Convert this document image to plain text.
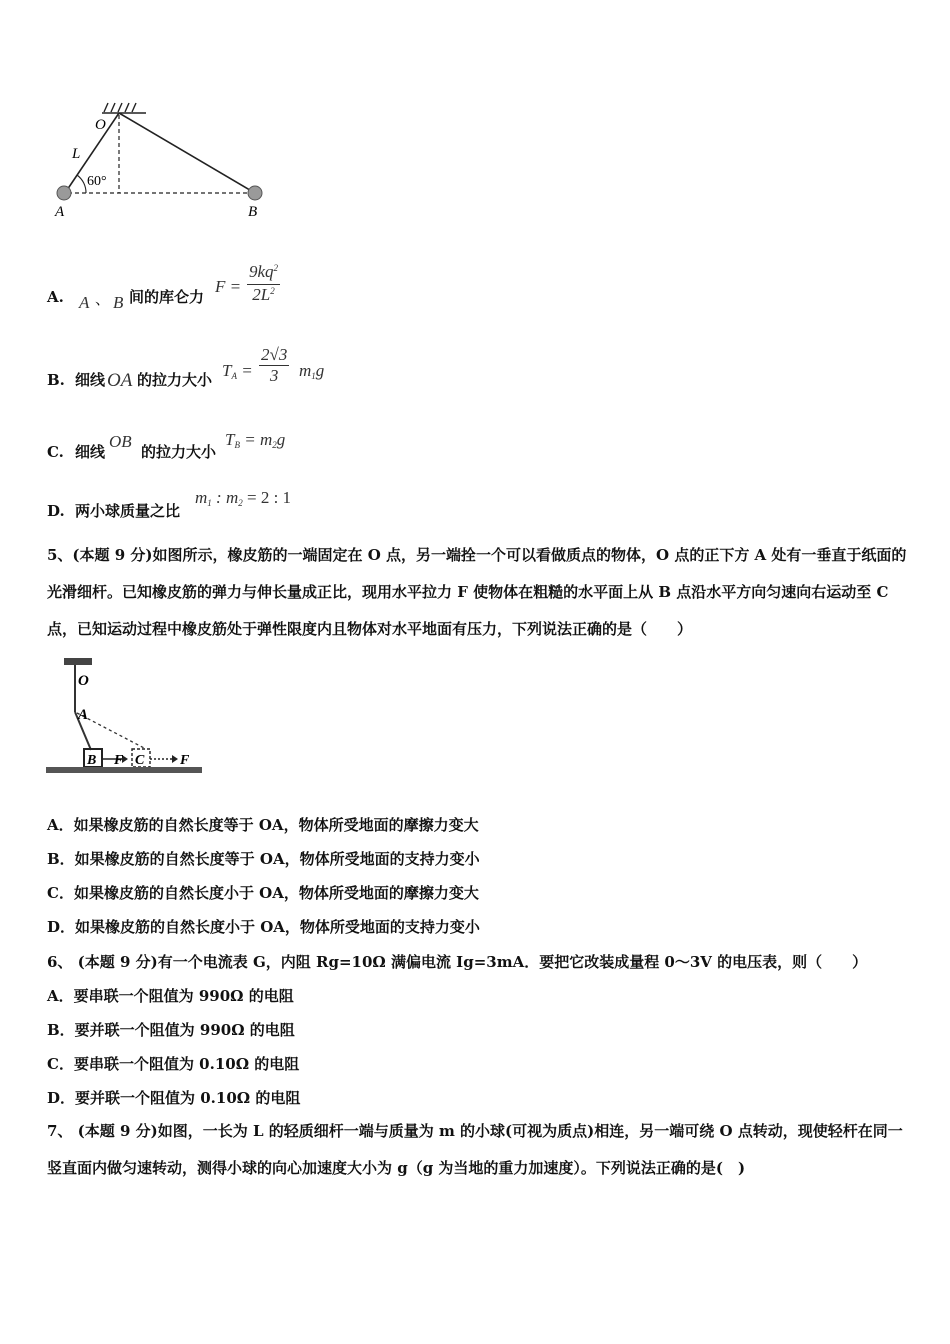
O
L
60°
A	B
A. A 、 B 间的库仑力
$F = \frac{9kq^2}{2L^2}$
B. 细线 OA 的拉力大小 TA = $\frac{2√3}{3} m1g$
C. 细线
OB
的拉力大小
TB = m2g
D. 两小球质量之比
m1 : m2 = 2 : 1
5、(本题 9 分)如图所示，橡皮筋的一端固定在 O 点，另一端拴一个可以看做质点的物体，O 点的正下方 A 处有一垂直于纸面的光滑细杆。已知橡皮筋的弹力与伸长量成正比，现用水平拉力 F 使物体在粗糙的水平面上从 B 点沿水平方向匀速向右运动至 C 点，已知运动过程中橡皮筋处于弹性限度内且物体对水平地面有压力，下列说法正确的是（　　）
O
A
B F C	F
A．如果橡皮筋的自然长度等于 OA，物体所受地面的摩擦力变大
B．如果橡皮筋的自然长度等于 OA，物体所受地面的支持力变小
C．如果橡皮筋的自然长度小于 OA，物体所受地面的摩擦力变大
D．如果橡皮筋的自然长度小于 OA，物体所受地面的支持力变小
6、 (本题 9 分)有一个电流表 G，内阻 Rg=10Ω 满偏电流 Ig=3mA．要把它改装成量程 0～3V 的电压表，则（　　）
A．要串联一个阻值为 990Ω 的电阻
B．要并联一个阻值为 990Ω 的电阻
C．要串联一个阻值为 0.10Ω 的电阻
D．要并联一个阻值为 0.10Ω 的电阻
7、 (本题 9 分)如图，一长为 L 的轻质细杆一端与质量为 m 的小球(可视为质点)相连，另一端可绕 O 点转动，现使轻杆在同一竖直面内做匀速转动，测得小球的向心加速度大小为 g（g 为当地的重力加速度）。下列说法正确的是(　)
